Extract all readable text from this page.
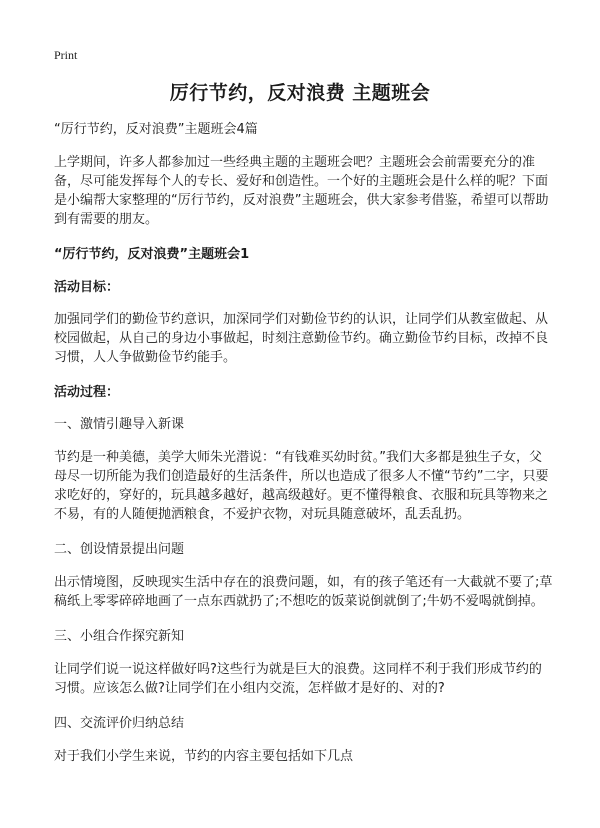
Print
厉行节约，反对浪费 主题班会

“厉行节约，反对浪费”主题班会4篇

上学期间，许多人都参加过一些经典主题的主题班会吧？主题班会会前需要充分的准备，尽可能发挥每个人的专长、爱好和创造性。一个好的主题班会是什么样的呢？下面是小编帮大家整理的“厉行节约，反对浪费”主题班会，供大家参考借鉴，希望可以帮助到有需要的朋友。

“厉行节约，反对浪费”主题班会1

活动目标：

加强同学们的勤俭节约意识，加深同学们对勤俭节约的认识，让同学们从教室做起、从校园做起，从自己的身边小事做起，时刻注意勤俭节约。确立勤俭节约目标，改掉不良习惯，人人争做勤俭节约能手。

活动过程：

一、激情引趣导入新课

节约是一种美德，美学大师朱光潜说：“有钱难买幼时贫。”我们大多都是独生子女，父母尽一切所能为我们创造最好的生活条件，所以也造成了很多人不懂“节约”二字，只要求吃好的，穿好的，玩具越多越好，越高级越好。更不懂得粮食、衣服和玩具等物来之不易，有的人随便抛洒粮食，不爱护衣物，对玩具随意破坏，乱丢乱扔。

二、创设情景提出问题

出示情境图，反映现实生活中存在的浪费问题，如，有的孩子笔还有一大截就不要了;草稿纸上零零碎碎地画了一点东西就扔了;不想吃的饭菜说倒就倒了;牛奶不爱喝就倒掉。

三、小组合作探究新知

让同学们说一说这样做好吗?这些行为就是巨大的浪费。这同样不利于我们形成节约的习惯。应该怎么做?让同学们在小组内交流，怎样做才是好的、对的?

四、交流评价归纳总结

对于我们小学生来说，节约的内容主要包括如下几点
